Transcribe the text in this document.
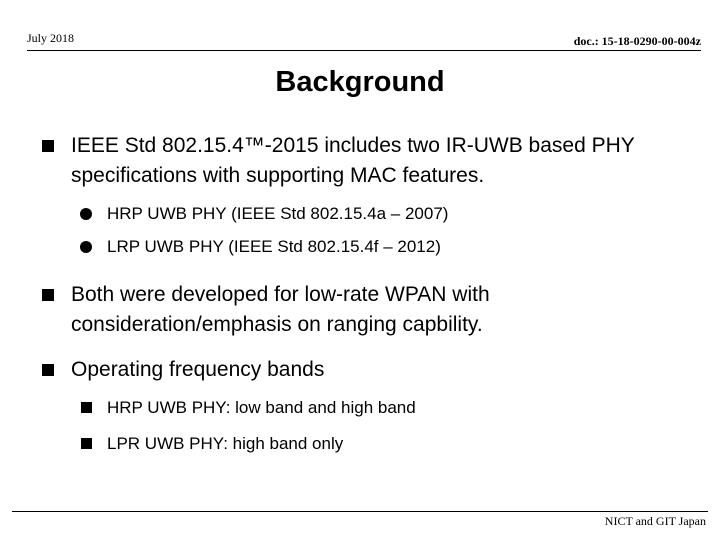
July 2018	doc.: 15-18-0290-00-004z
Background
IEEE Std 802.15.4™-2015 includes two IR-UWB based PHY specifications with supporting MAC features.
HRP UWB PHY (IEEE Std 802.15.4a – 2007)
LRP UWB PHY (IEEE Std 802.15.4f – 2012)
Both were developed for low-rate WPAN with consideration/emphasis on ranging capbility.
Operating frequency bands
HRP UWB PHY: low band and high band
LPR UWB PHY: high band only
NICT and GIT Japan
